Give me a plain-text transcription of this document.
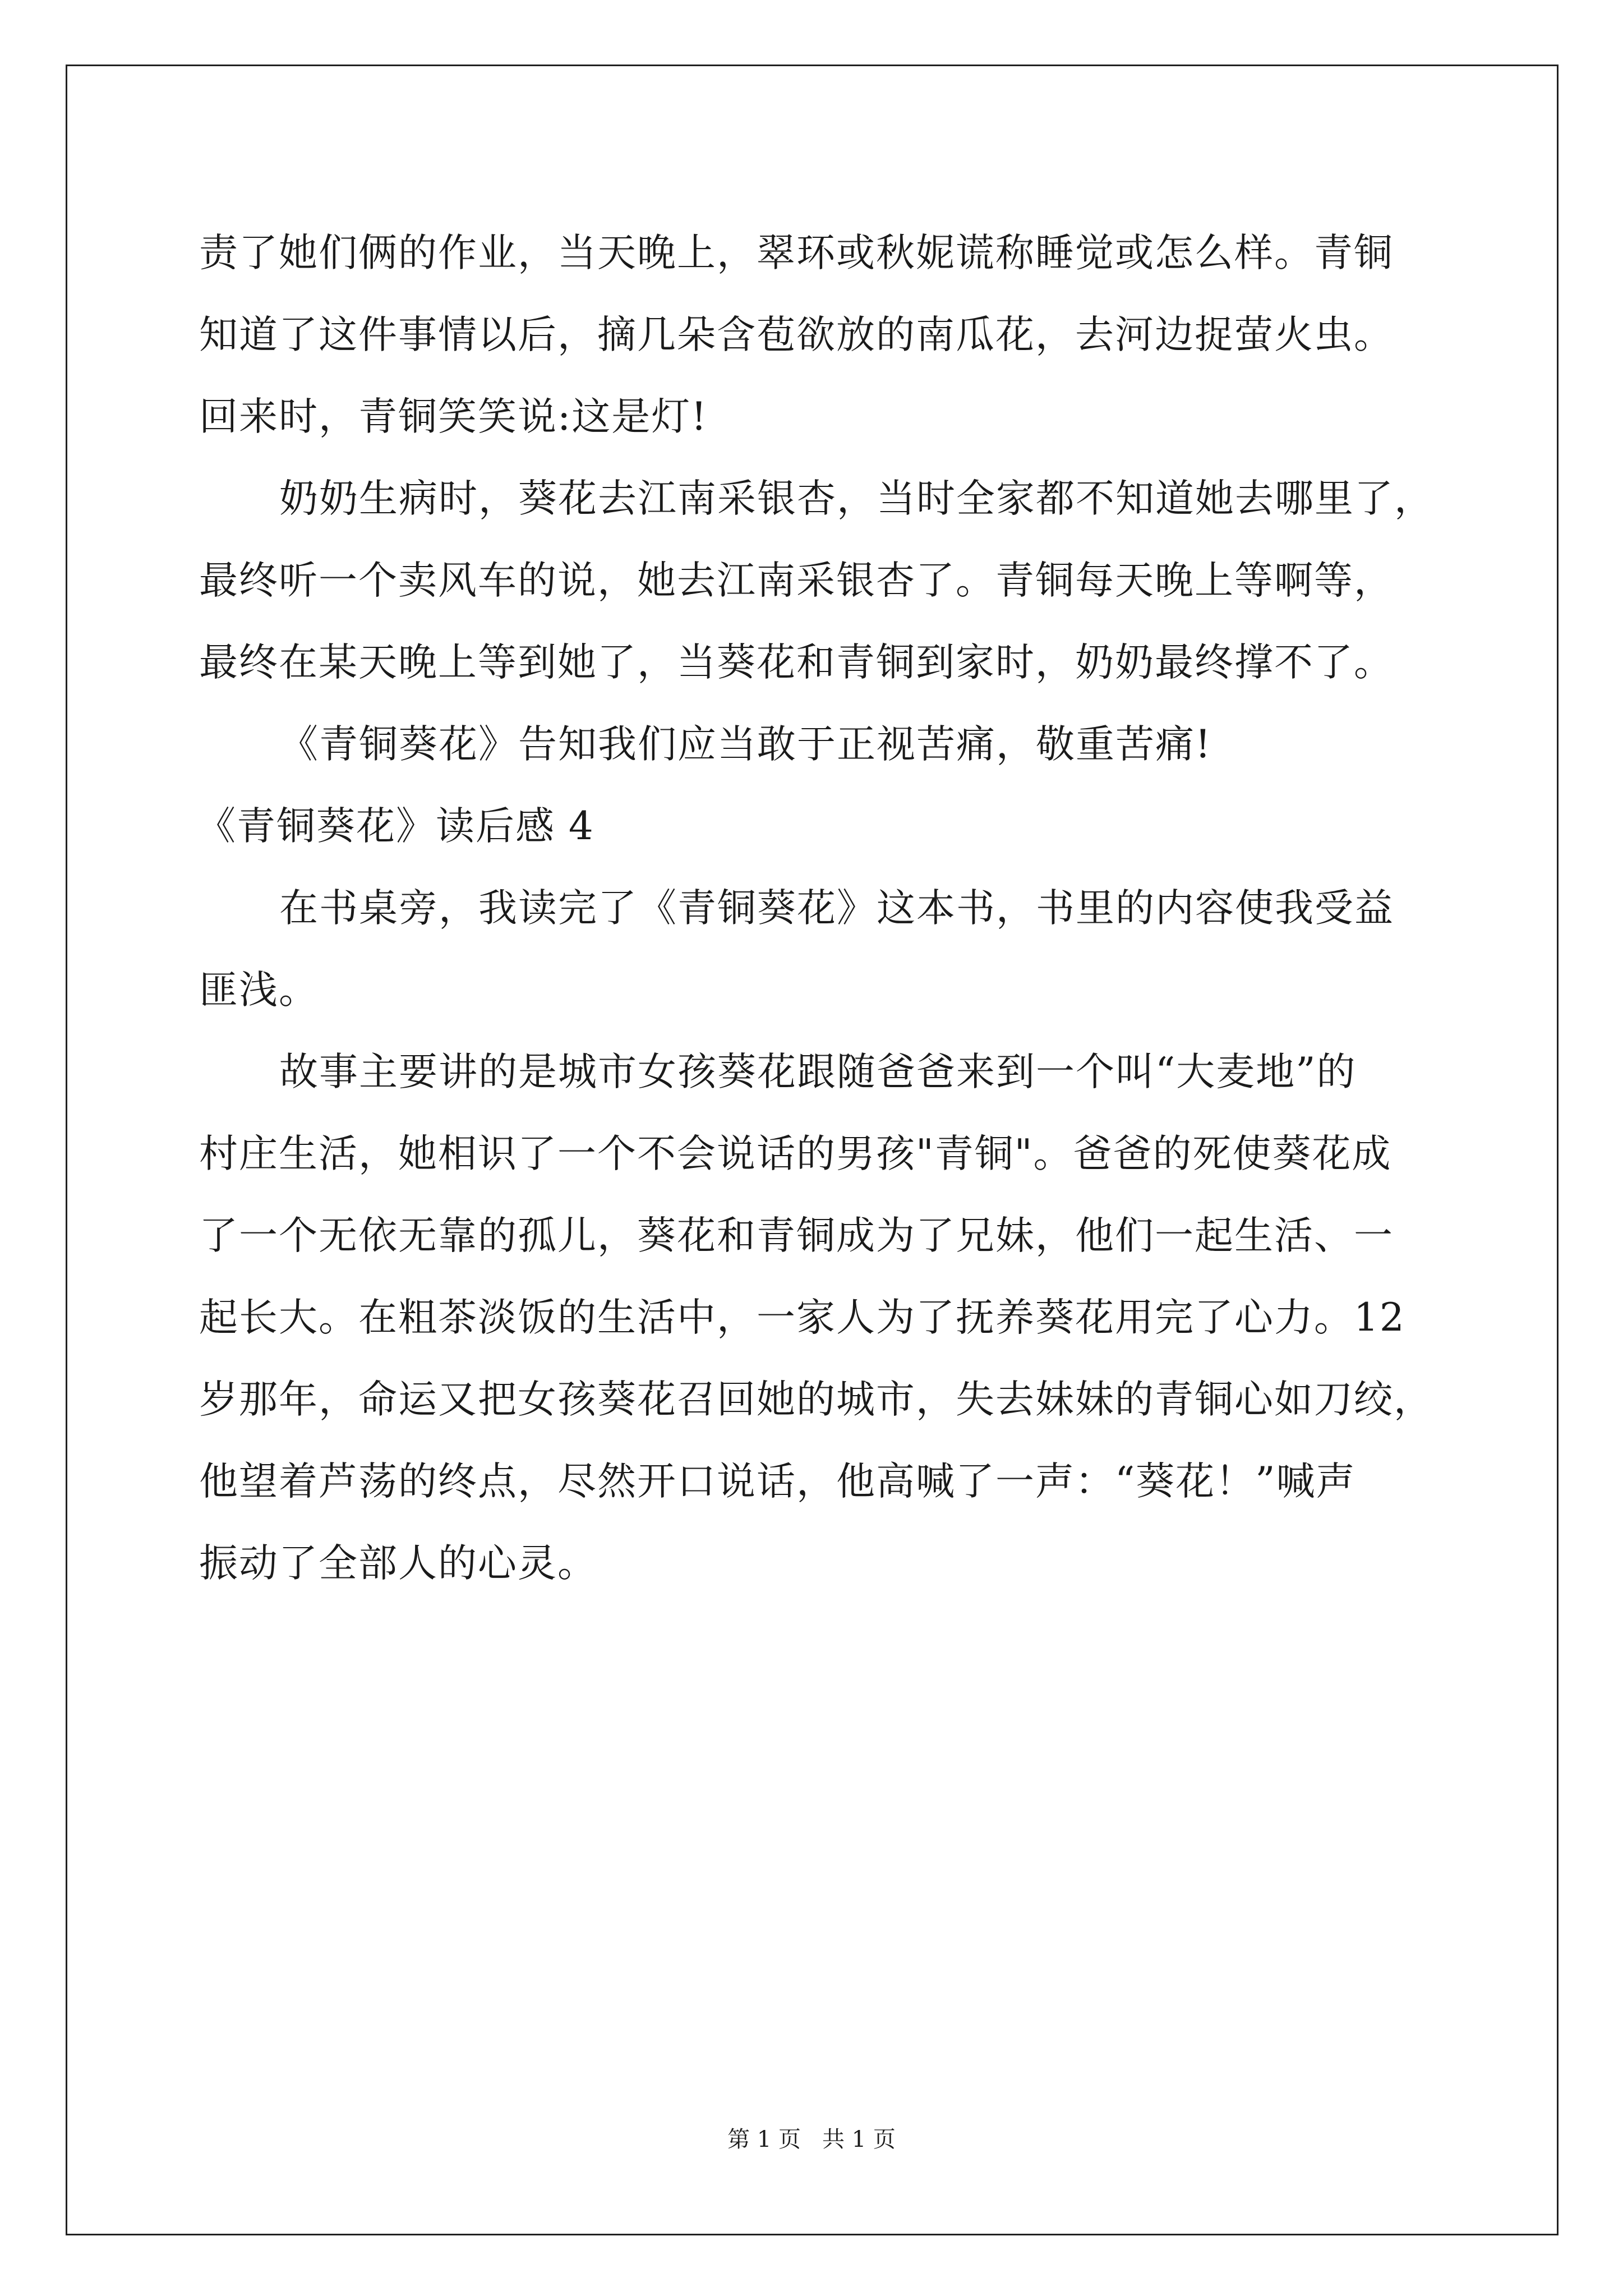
责了她们俩的作业，当天晚上，翠环或秋妮谎称睡觉或怎么样。青铜
知道了这件事情以后，摘几朵含苞欲放的南瓜花，去河边捉萤火虫。
回来时，青铜笑笑说:这是灯!
奶奶生病时，葵花去江南采银杏，当时全家都不知道她去哪里了，
最终听一个卖风车的说，她去江南采银杏了。青铜每天晚上等啊等，
最终在某天晚上等到她了，当葵花和青铜到家时，奶奶最终撑不了。
《青铜葵花》告知我们应当敢于正视苦痛，敬重苦痛!
《青铜葵花》读后感 4
在书桌旁，我读完了《青铜葵花》这本书，书里的内容使我受益
匪浅。
故事主要讲的是城市女孩葵花跟随爸爸来到一个叫“大麦地”的
村庄生活，她相识了一个不会说话的男孩"青铜"。爸爸的死使葵花成
了一个无依无靠的孤儿，葵花和青铜成为了兄妹，他们一起生活、一
起长大。在粗茶淡饭的生活中，一家人为了抚养葵花用完了心力。12
岁那年，命运又把女孩葵花召回她的城市，失去妹妹的青铜心如刀绞，
他望着芦荡的终点，尽然开口说话，他高喊了一声：“葵花！”喊声
振动了全部人的心灵。
第 1 页 共 1 页
